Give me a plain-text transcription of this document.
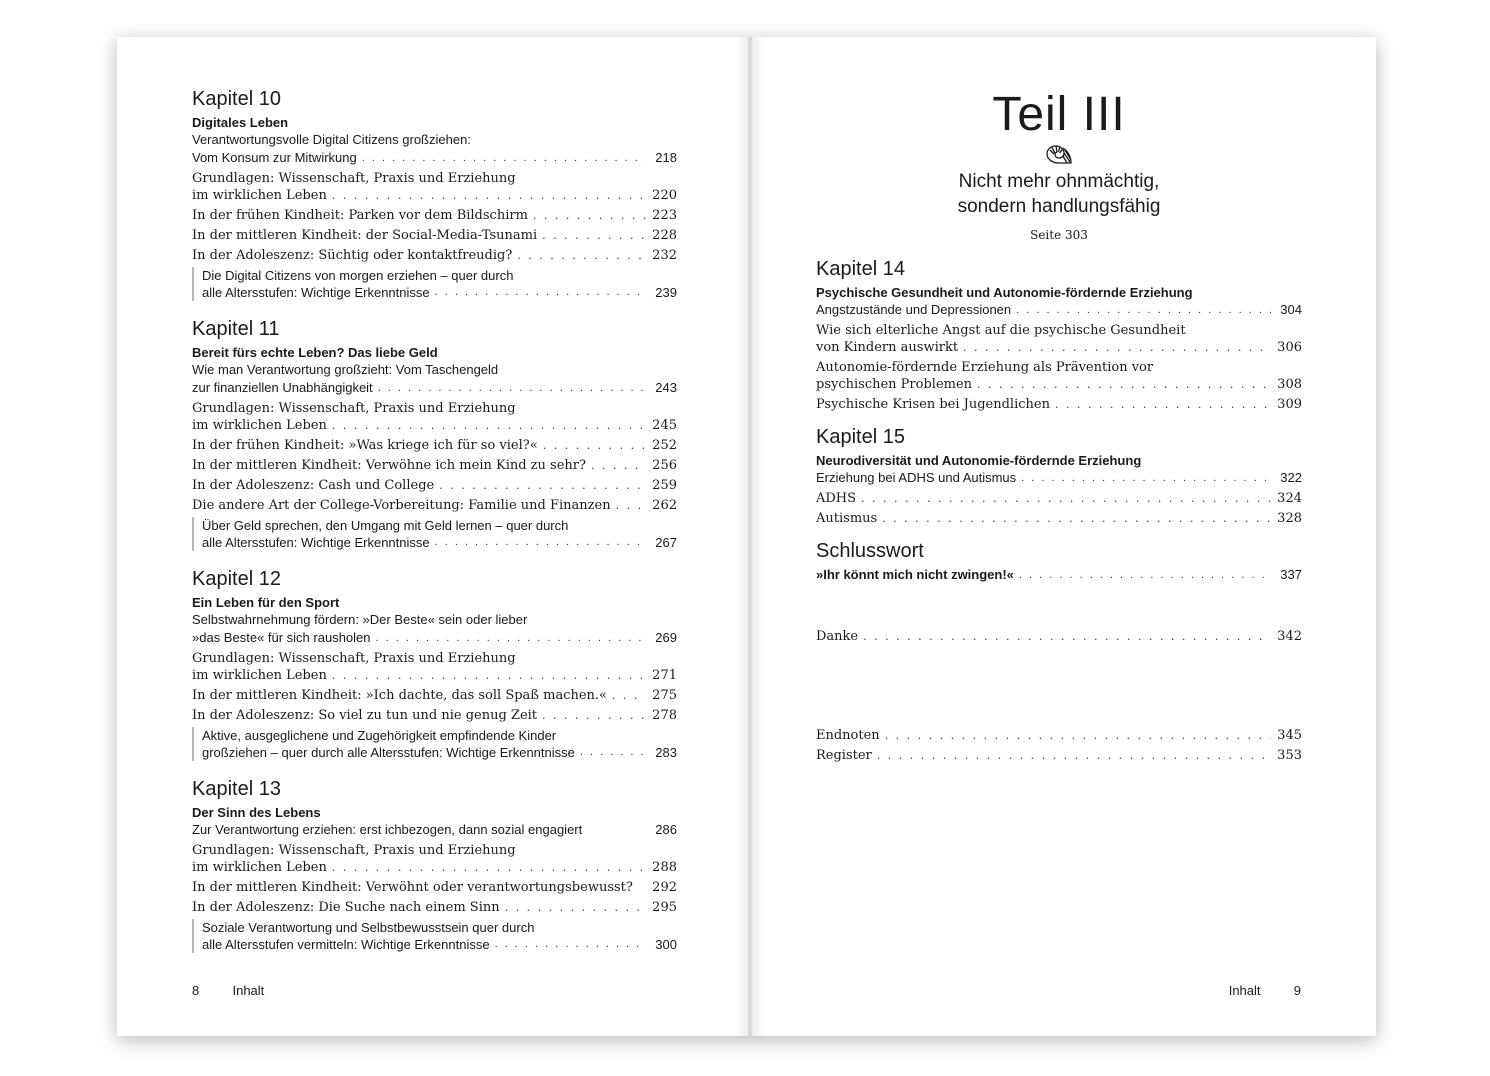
Kapitel 10
Digitales Leben
Verantwortungsvolle Digital Citizens großziehen:
Vom Konsum zur Mitwirkung . . .	218
Grundlagen: Wissenschaft, Praxis und Erziehung
im wirklichen Leben . . .	220
In der frühen Kindheit: Parken vor dem Bildschirm . . .	223
In der mittleren Kindheit: der Social-Media-Tsunami . . .	228
In der Adoleszenz: Süchtig oder kontaktfreudig? . . .	232
Die Digital Citizens von morgen erziehen – quer durch
alle Altersstufen: Wichtige Erkenntnisse . . .	239
Kapitel 11
Bereit fürs echte Leben? Das liebe Geld
Wie man Verantwortung großzieht: Vom Taschengeld
zur finanziellen Unabhängigkeit . . .	243
Grundlagen: Wissenschaft, Praxis und Erziehung
im wirklichen Leben . . .	245
In der frühen Kindheit: »Was kriege ich für so viel?« . . .	252
In der mittleren Kindheit: Verwöhne ich mein Kind zu sehr? . . .	256
In der Adoleszenz: Cash und College . . .	259
Die andere Art der College-Vorbereitung: Familie und Finanzen . . .	262
Über Geld sprechen, den Umgang mit Geld lernen – quer durch
alle Altersstufen: Wichtige Erkenntnisse . . .	267
Kapitel 12
Ein Leben für den Sport
Selbstwahrnehmung fördern: »Der Beste« sein oder lieber
»das Beste« für sich rausholen . . .	269
Grundlagen: Wissenschaft, Praxis und Erziehung
im wirklichen Leben . . .	271
In der mittleren Kindheit: »Ich dachte, das soll Spaß machen.« . . .	275
In der Adoleszenz: So viel zu tun und nie genug Zeit . . .	278
Aktive, ausgeglichene und Zugehörigkeit empfindende Kinder
großziehen – quer durch alle Altersstufen: Wichtige Erkenntnisse . . .	283
Kapitel 13
Der Sinn des Lebens
Zur Verantwortung erziehen: erst ichbezogen, dann sozial engagiert	286
Grundlagen: Wissenschaft, Praxis und Erziehung
im wirklichen Leben . . .	288
In der mittleren Kindheit: Verwöhnt oder verantwortungsbewusst? 292
In der Adoleszenz: Die Suche nach einem Sinn . . .	295
Soziale Verantwortung und Selbstbewusstsein quer durch
alle Altersstufen vermitteln: Wichtige Erkenntnisse . . .	300
8	Inhalt
Teil III
Nicht mehr ohnmächtig,
sondern handlungsfähig
Seite 303
Kapitel 14
Psychische Gesundheit und Autonomie-fördernde Erziehung
Angstzustände und Depressionen . . .	304
Wie sich elterliche Angst auf die psychische Gesundheit
von Kindern auswirkt . . .	306
Autonomie-fördernde Erziehung als Prävention vor
psychischen Problemen . . .	308
Psychische Krisen bei Jugendlichen . . .	309
Kapitel 15
Neurodiversität und Autonomie-fördernde Erziehung
Erziehung bei ADHS und Autismus . . .	322
ADHS . . .	324
Autismus . . .	328
Schlusswort
»Ihr könnt mich nicht zwingen!« . . .	337
Danke . . .	342
Endnoten . . .	345
Register . . .	353
Inhalt	9
